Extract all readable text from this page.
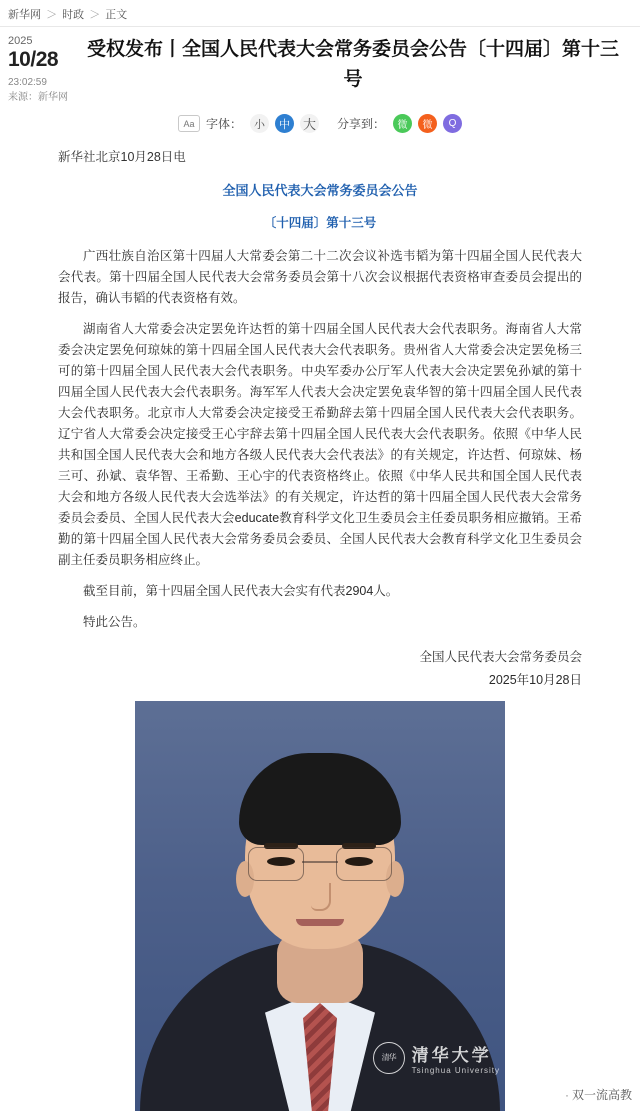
新华网 ＞ 时政 ＞ 正文
2025
10/28
23:02:59
来源：新华网
受权发布丨全国人民代表大会常务委员会公告〔十四届〕第十三号
Aa 字体：	小	中 大 分享到：	微	微	Q
新华社北京10月28日电
全国人民代表大会常务委员会公告
〔十四届〕第十三号

广西壮族自治区第十四届人大常委会第二十二次会议补选韦韬为第十四届全国人民代表大会代表。第十四届全国人民代表大会常务委员会第十八次会议根据代表资格审查委员会提出的报告，确认韦韬的代表资格有效。

湖南省人大常委会决定罢免许达哲的第十四届全国人民代表大会代表职务。海南省人大常委会决定罢免何琼妹的第十四届全国人民代表大会代表职务。贵州省人大常委会决定罢免杨三可的第十四届全国人民代表大会代表职务。中央军委办公厅军人代表大会决定罢免孙斌的第十四届全国人民代表大会代表职务。海军军人代表大会决定罢免袁华智的第十四届全国人民代表大会代表职务。北京市人大常委会决定接受王希勤辞去第十四届全国人民代表大会代表职务。辽宁省人大常委会决定接受王心宇辞去第十四届全国人民代表大会代表职务。依照《中华人民共和国全国人民代表大会和地方各级人民代表大会代表法》的有关规定，许达哲、何琼妹、杨三可、孙斌、袁华智、王希勤、王心宇的代表资格终止。依照《中华人民共和国全国人民代表大会和地方各级人民代表大会选举法》的有关规定，许达哲的第十四届全国人民代表大会常务委员会委员、全国人民代表大会educate教育科学文化卫生委员会主任委员职务相应撤销。王希勤的第十四届全国人民代表大会常务委员会委员、全国人民代表大会教育科学文化卫生委员会副主任委员职务相应终止。

截至目前，第十四届全国人民代表大会实有代表2904人。

特此公告。

全国人民代表大会常务委员会
2025年10月28日
清华 清华大学
Tsinghua University
新闻
NEWS
· 双一流高教
